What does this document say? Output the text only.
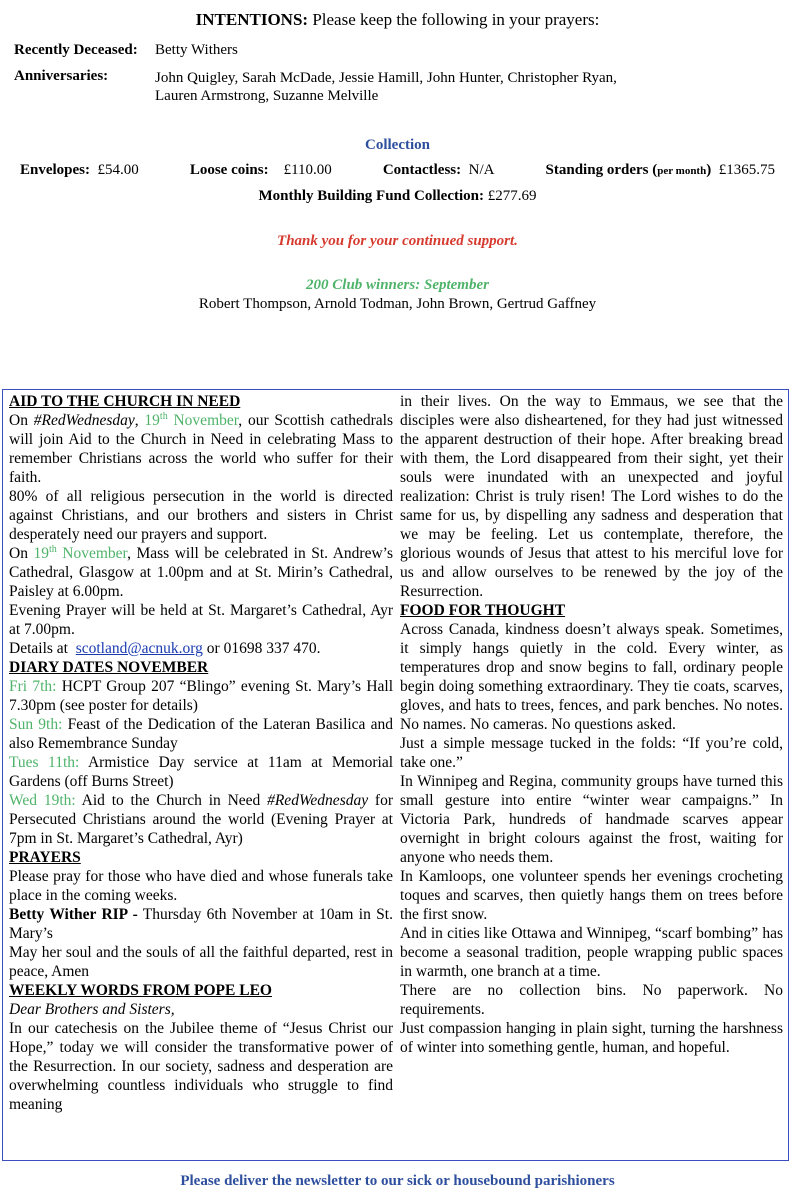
INTENTIONS: Please keep the following in your prayers:
Recently Deceased: Betty Withers
Anniversaries:	John Quigley, Sarah McDade, Jessie Hamill, John Hunter, Christopher Ryan,
Lauren Armstrong, Suzanne Melville
Collection
Envelopes: £54.00	Loose coins: £110.00	Contactless: N/A	Standing orders (per month) £1365.75
Monthly Building Fund Collection: £277.69
Thank you for your continued support.
200 Club winners: September
Robert Thompson, Arnold Todman, John Brown, Gertrud Gaffney

AID TO THE CHURCH IN NEED

On #RedWednesday, 19th November, our Scottish cathedrals will join Aid to the Church in Need in celebrating Mass to remember Christians across the world who suffer for their faith.

80% of all religious persecution in the world is directed against Christians, and our brothers and sisters in Christ desperately need our prayers and support.

On 19th November, Mass will be celebrated in St. Andrew’s Cathedral, Glasgow at 1.00pm and at St. Mirin’s Cathedral, Paisley at 6.00pm.

Evening Prayer will be held at St. Margaret’s Cathedral, Ayr at 7.00pm.

Details at  scotland@acnuk.org or 01698 337 470.

DIARY DATES NOVEMBER

Fri 7th: HCPT Group 207 “Blingo” evening St. Mary’s Hall 7.30pm (see poster for details)

Sun 9th: Feast of the Dedication of the Lateran Basilica and also Remembrance Sunday

Tues 11th: Armistice Day service at 11am at Memorial Gardens (off Burns Street)

Wed 19th: Aid to the Church in Need #RedWednesday for Persecuted Christians around the world (Evening Prayer at 7pm in St. Margaret’s Cathedral, Ayr)

PRAYERS

Please pray for those who have died and whose funerals take place in the coming weeks.

Betty Wither RIP - Thursday 6th November at 10am in St. Mary’s

May her soul and the souls of all the faithful departed, rest in peace, Amen

WEEKLY WORDS FROM POPE LEO

Dear Brothers and Sisters,

In our catechesis on the Jubilee theme of “Jesus Christ our Hope,” today we will consider the transformative power of the Resurrection. In our society, sadness and desperation are overwhelming countless individuals who struggle to find meaning

in their lives. On the way to Emmaus, we see that the disciples were also disheartened, for they had just witnessed the apparent destruction of their hope. After breaking bread with them, the Lord disappeared from their sight, yet their souls were inundated with an unexpected and joyful realization: Christ is truly risen! The Lord wishes to do the same for us, by dispelling any sadness and desperation that we may be feeling. Let us contemplate, therefore, the glorious wounds of Jesus that attest to his merciful love for us and allow ourselves to be renewed by the joy of the Resurrection.

FOOD FOR THOUGHT

Across Canada, kindness doesn’t always speak. Sometimes, it simply hangs quietly in the cold. Every winter, as temperatures drop and snow begins to fall, ordinary people begin doing something extraordinary. They tie coats, scarves, gloves, and hats to trees, fences, and park benches. No notes. No names. No cameras. No questions asked.

Just a simple message tucked in the folds: “If you’re cold, take one.”

In Winnipeg and Regina, community groups have turned this small gesture into entire “winter wear campaigns.” In Victoria Park, hundreds of handmade scarves appear overnight in bright colours against the frost, waiting for anyone who needs them.

In Kamloops, one volunteer spends her evenings crocheting toques and scarves, then quietly hangs them on trees before the first snow.

And in cities like Ottawa and Winnipeg, “scarf bombing” has become a seasonal tradition, people wrapping public spaces in warmth, one branch at a time.

There are no collection bins. No paperwork. No requirements.

Just compassion hanging in plain sight, turning the harshness of winter into something gentle, human, and hopeful.

Please deliver the newsletter to our sick or housebound parishioners
